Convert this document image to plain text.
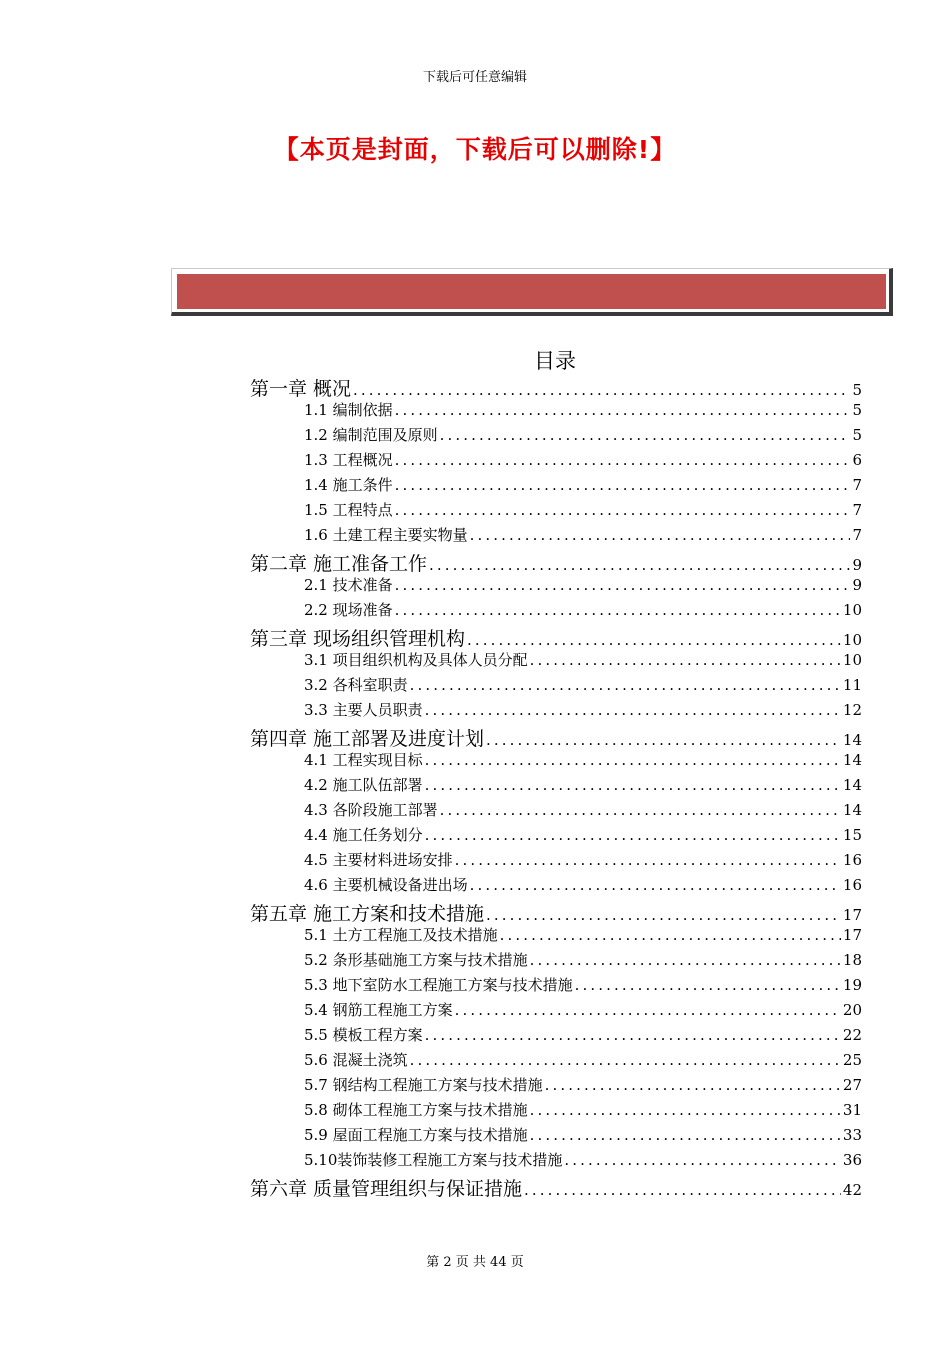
下载后可任意编辑
【本页是封面，下载后可以删除!】
目录
第一章 概况 .....	5
1.1 编制依据 .....	5
1.2 编制范围及原则 .....	5
1.3 工程概况 .....	6
1.4 施工条件 .....	7
1.5 工程特点 .....	7
1.6 土建工程主要实物量 .....	7
第二章 施工准备工作 .....	9
2.1 技术准备 .....	9
2.2 现场准备 .....	10
第三章 现场组织管理机构 .....	10
3.1 项目组织机构及具体人员分配 .....	10
3.2 各科室职责 .....	11
3.3 主要人员职责 .....	12
第四章 施工部署及进度计划 .....	14
4.1 工程实现目标 .....	14
4.2 施工队伍部署 .....	14
4.3 各阶段施工部署 .....	14
4.4 施工任务划分 .....	15
4.5 主要材料进场安排 .....	16
4.6 主要机械设备进出场 .....	16
第五章 施工方案和技术措施 .....	17
5.1 土方工程施工及技术措施 .....	17
5.2 条形基础施工方案与技术措施 .....	18
5.3 地下室防水工程施工方案与技术措施 .....	19
5.4 钢筋工程施工方案 .....	20
5.5 模板工程方案 .....	22
5.6 混凝土浇筑 .....	25
5.7 钢结构工程施工方案与技术措施 .....	27
5.8 砌体工程施工方案与技术措施 .....	31
5.9 屋面工程施工方案与技术措施 .....	33
5.10装饰装修工程施工方案与技术措施 .....	36
第六章 质量管理组织与保证措施 .....	42
第 2 页 共 44 页
